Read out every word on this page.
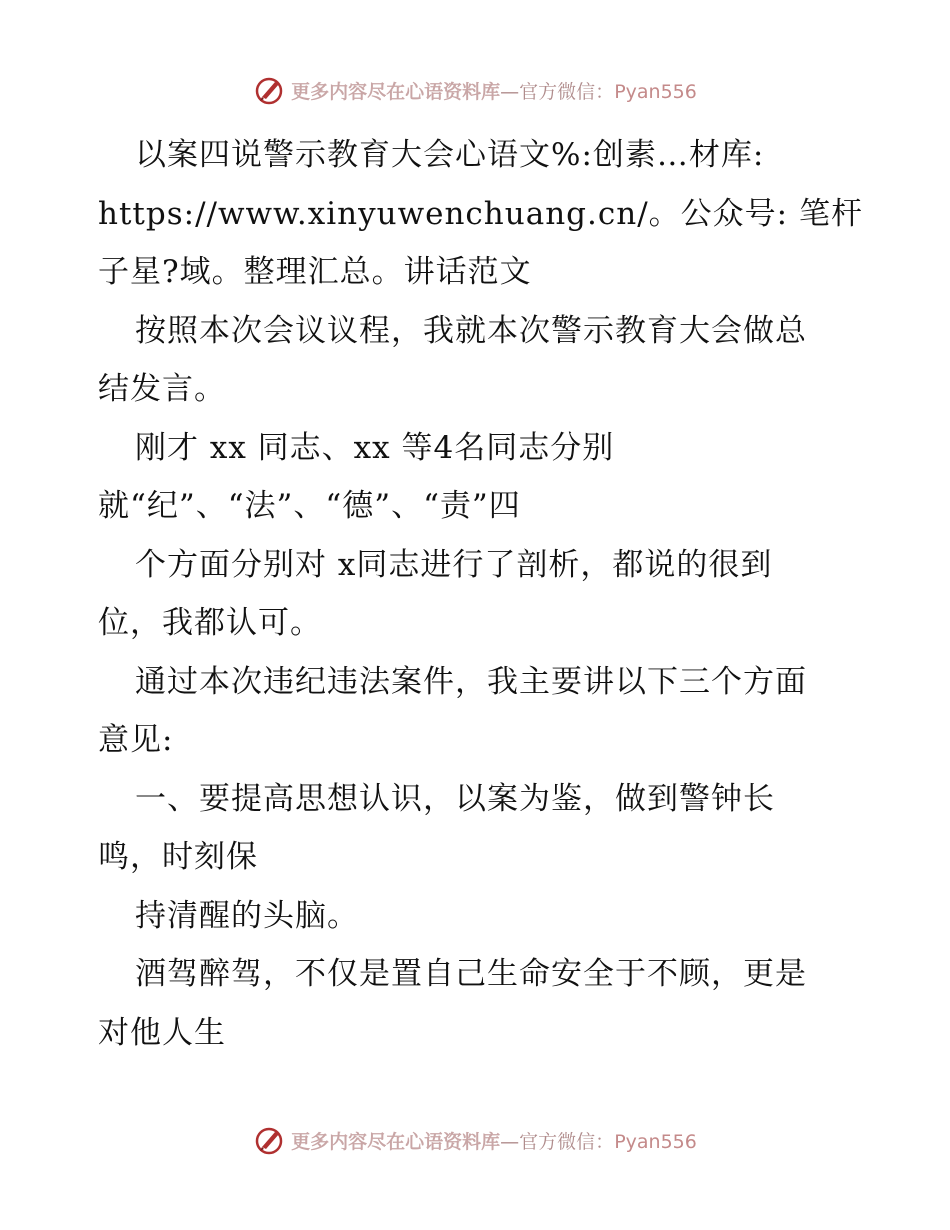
更多内容尽在心语资料库—官方微信：Pyan556
以案四说警示教育大会心语文%:创素…材库:
https://www.xinyuwenchuang.cn/。公众号: 笔杆
子星?域。整理汇总。讲话范文
按照本次会议议程，我就本次警示教育大会做总
结发言。
刚才 xx 同志、xx 等4名同志分别
就“纪”、“法”、“德”、“责”四
个方面分别对 x同志进行了剖析，都说的很到
位，我都认可。
通过本次违纪违法案件，我主要讲以下三个方面
意见:
一、要提高思想认识，以案为鉴，做到警钟长
鸣，时刻保
持清醒的头脑。
酒驾醉驾，不仅是置自己生命安全于不顾，更是
对他人生
更多内容尽在心语资料库—官方微信：Pyan556
